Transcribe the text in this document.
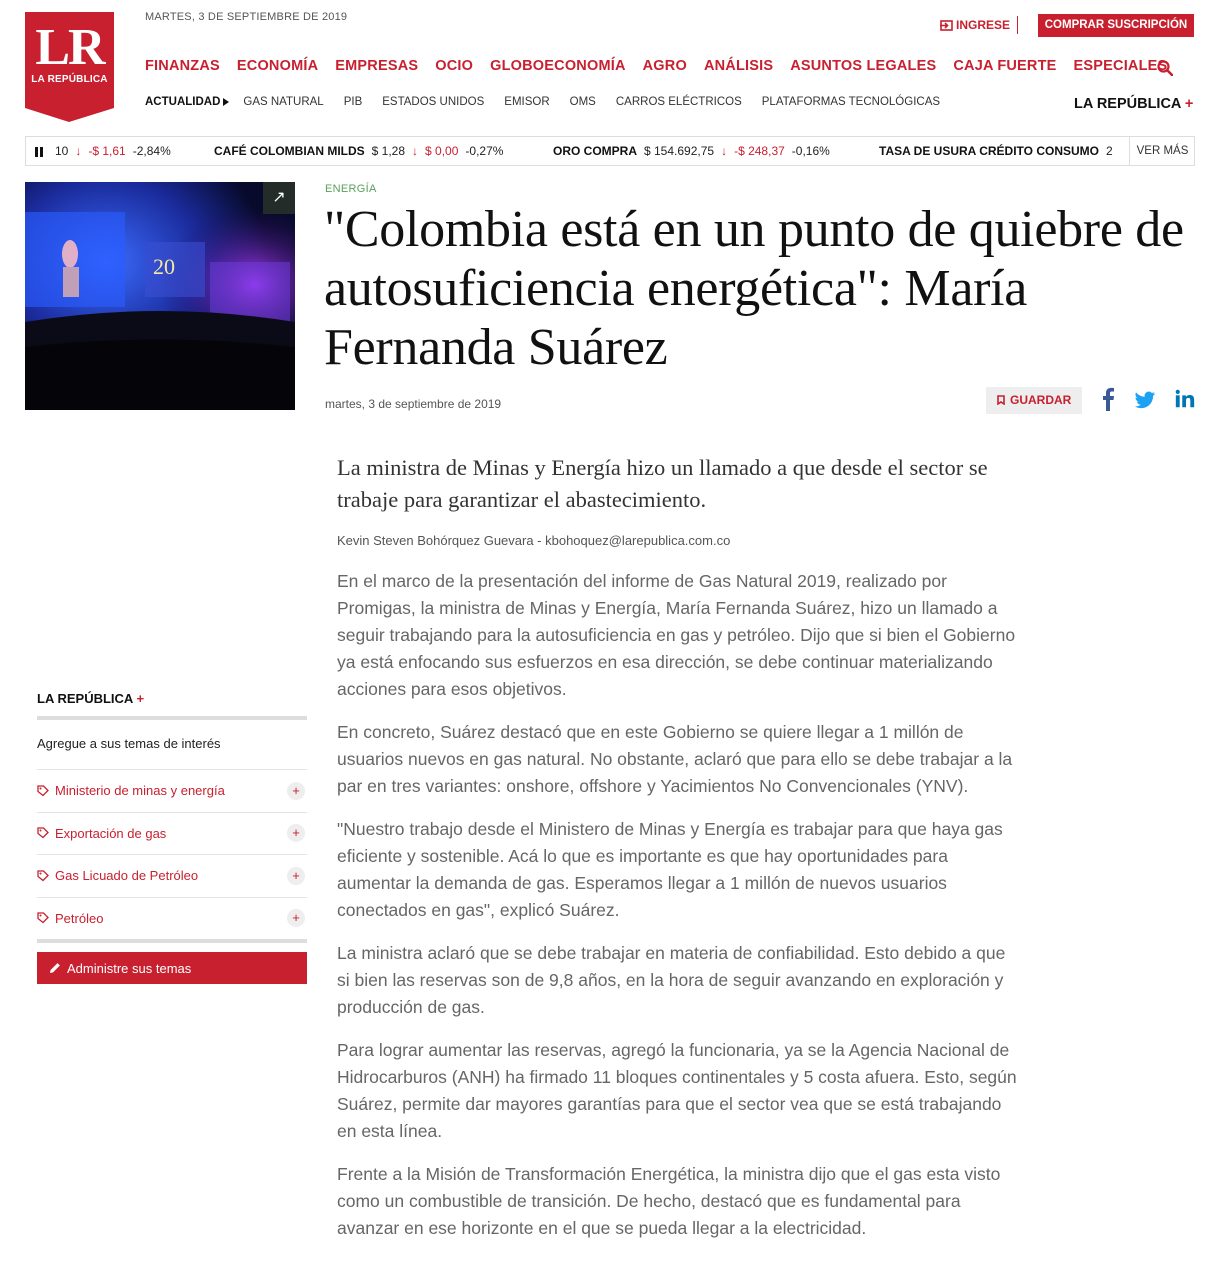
LR
LA REPÚBLICA
MARTES, 3 DE SEPTIEMBRE DE 2019
INGRESE	COMPRAR SUSCRIPCIÓN
FINANZAS ECONOMÍA EMPRESAS OCIO GLOBOECONOMÍA AGRO ANÁLISIS ASUNTOS LEGALES CAJA FUERTE ESPECIALES
ACTUALIDAD GAS NATURAL PIB ESTADOS UNIDOS EMISOR OMS CARROS ELÉCTRICOS PLATAFORMAS TECNOLÓGICAS	LA REPÚBLICA +
10 ↓ -$ 1,61 -2,84%	CAFÉ COLOMBIAN MILDS $ 1,28 ↓ $ 0,00 -0,27%	ORO COMPRA $ 154.692,75 ↓ -$ 248,37 -0,16%	TASA DE USURA CRÉDITO CONSUMO 2	VER MÁS
20
↗	ENERGÍA
"Colombia está en un punto de quiebre de autosuficiencia energética": María Fernanda Suárez
martes, 3 de septiembre de 2019	GUARDAR

La ministra de Minas y Energía hizo un llamado a que desde el sector se trabaje para garantizar el abastecimiento.

Kevin Steven Bohórquez Guevara - kbohoquez@larepublica.com.co

En el marco de la presentación del informe de Gas Natural 2019, realizado por Promigas, la ministra de Minas y Energía, María Fernanda Suárez, hizo un llamado a seguir trabajando para la autosuficiencia en gas y petróleo. Dijo que si bien el Gobierno ya está enfocando sus esfuerzos en esa dirección, se debe continuar materializando acciones para esos objetivos.

En concreto, Suárez destacó que en este Gobierno se quiere llegar a 1 millón de usuarios nuevos en gas natural. No obstante, aclaró que para ello se debe trabajar a la par en tres variantes: onshore, offshore y Yacimientos No Convencionales (YNV).

"Nuestro trabajo desde el Ministero de Minas y Energía es trabajar para que haya gas eficiente y sostenible. Acá lo que es importante es que hay oportunidades para aumentar la demanda de gas. Esperamos llegar a 1 millón de nuevos usuarios conectados en gas", explicó Suárez.

La ministra aclaró que se debe trabajar en materia de confiabilidad. Esto debido a que si bien las reservas son de 9,8 años, en la hora de seguir avanzando en exploración y producción de gas.

Para lograr aumentar las reservas, agregó la funcionaria, ya se la Agencia Nacional de Hidrocarburos (ANH) ha firmado 11 bloques continentales y 5 costa afuera. Esto, según Suárez, permite dar mayores garantías para que el sector vea que se está trabajando en esta línea.

Frente a la Misión de Transformación Energética, la ministra dijo que el gas esta visto como un combustible de transición. De hecho, destacó que es fundamental para avanzar en ese horizonte en el que se pueda llegar a la electricidad.

LA REPÚBLICA +
Agregue a sus temas de interés
Ministerio de minas y energía	+
Exportación de gas	+
Gas Licuado de Petróleo	+
Petróleo	+
Administre sus temas
